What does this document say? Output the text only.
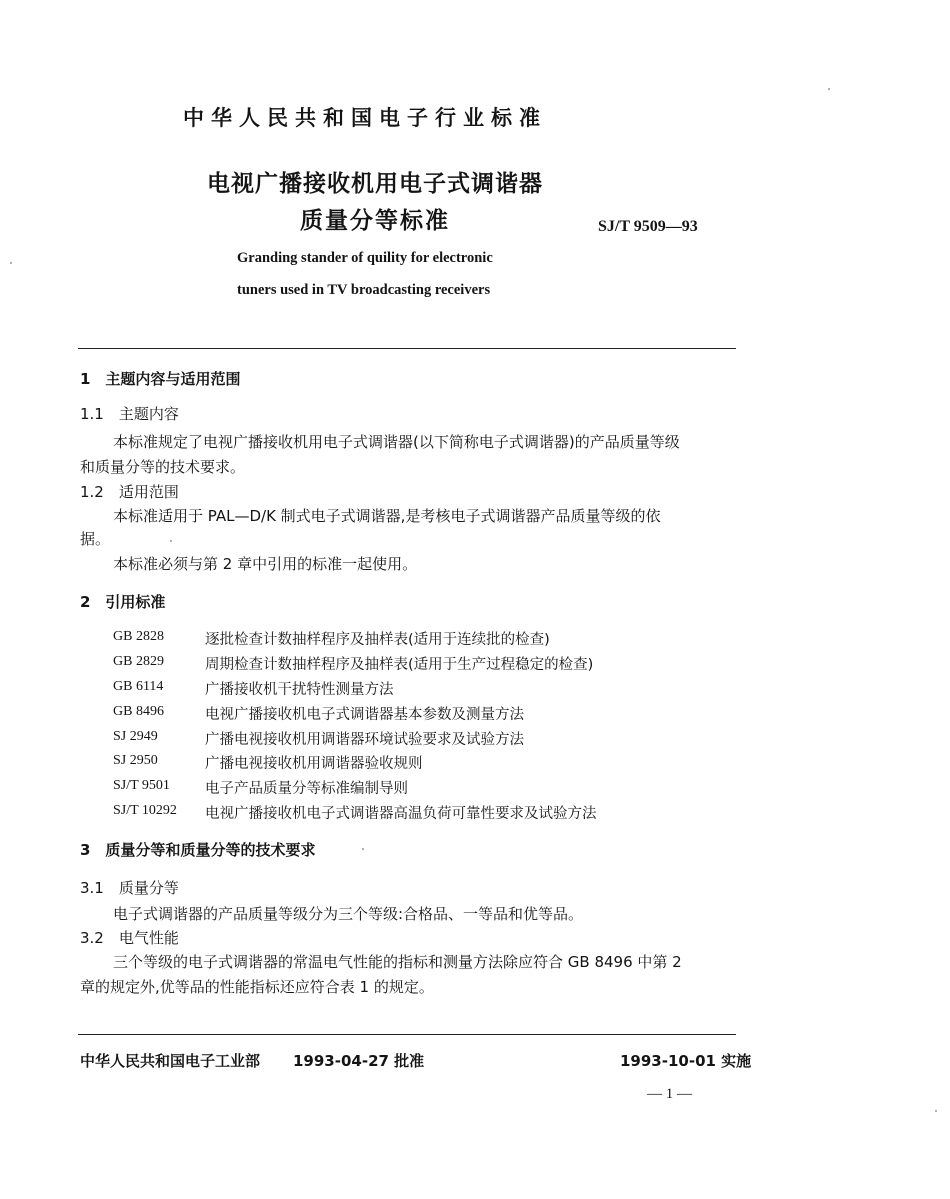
中华人民共和国电子行业标准
电视广播接收机用电子式调谐器
质量分等标准	SJ/T 9509—93
Granding stander of quility for electronic
tuners used in TV broadcasting receivers
1　主题内容与适用范围
1.1　主题内容
本标准规定了电视广播接收机用电子式调谐器(以下简称电子式调谐器)的产品质量等级
和质量分等的技术要求。
1.2　适用范围
本标准适用于 PAL—D/K 制式电子式调谐器,是考核电子式调谐器产品质量等级的依
据。
本标准必须与第 2 章中引用的标准一起使用。
2　引用标准
GB 2828	逐批检查计数抽样程序及抽样表(适用于连续批的检查)
GB 2829	周期检查计数抽样程序及抽样表(适用于生产过程稳定的检查)
GB 6114	广播接收机干扰特性测量方法
GB 8496	电视广播接收机电子式调谐器基本参数及测量方法
SJ 2949	广播电视接收机用调谐器环境试验要求及试验方法
SJ 2950	广播电视接收机用调谐器验收规则
SJ/T 9501 电子产品质量分等标准编制导则
SJ/T 10292 电视广播接收机电子式调谐器高温负荷可靠性要求及试验方法
3　质量分等和质量分等的技术要求
3.1　质量分等
电子式调谐器的产品质量等级分为三个等级:合格品、一等品和优等品。
3.2　电气性能
三个等级的电子式调谐器的常温电气性能的指标和测量方法除应符合 GB 8496 中第 2
章的规定外,优等品的性能指标还应符合表 1 的规定。
中华人民共和国电子工业部 1993-04-27 批准	1993-10-01 实施
— 1 —
